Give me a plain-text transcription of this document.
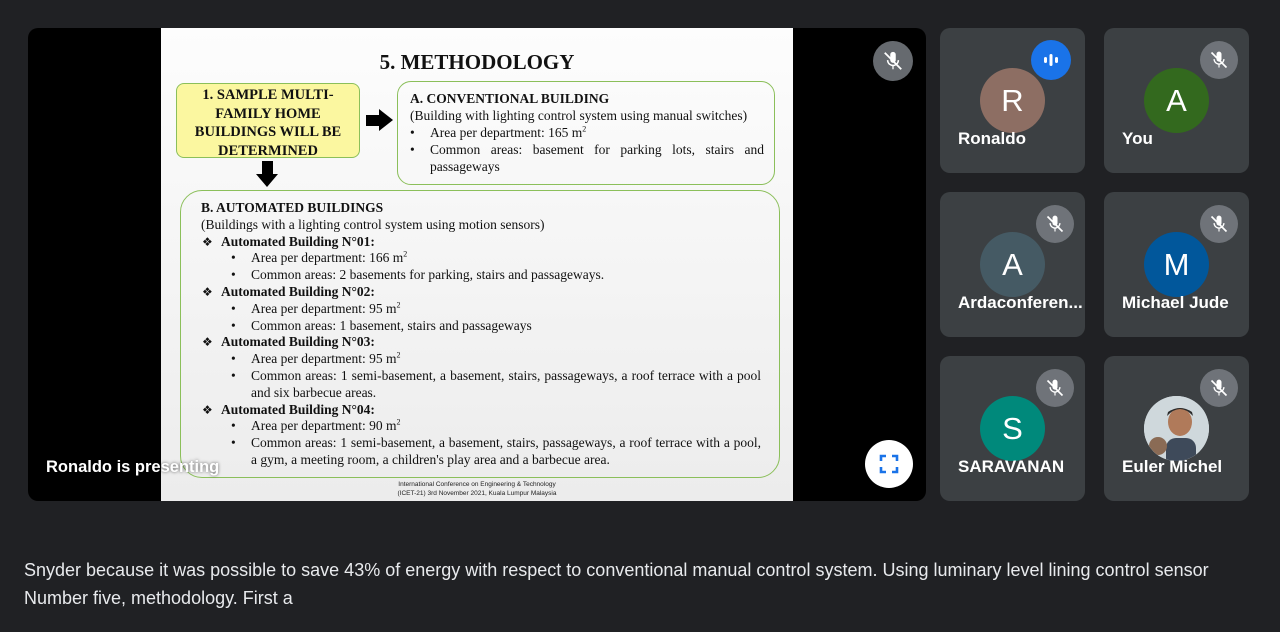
5. METHODOLOGY
1. SAMPLE MULTI-
FAMILY HOME
BUILDINGS WILL BE
DETERMINED
A. CONVENTIONAL BUILDING
(Building with lighting control system using manual switches)
• Area per department: 165 $m^2$
• Common areas: basement for parking lots, stairs and passageways
B. AUTOMATED BUILDINGS
(Buildings with a lighting control system using motion sensors)
❖ Automated Building N°01:
• Area per department: 166 $m^2$
• Common areas: 2 basements for parking, stairs and passageways.
❖ Automated Building N°02:
• Area per department: 95 $m^2$
• Common areas: 1 basement, stairs and passageways
❖ Automated Building N°03:
• Area per department: 95 $m^2$
• Common areas: 1 semi-basement, a basement, stairs, passageways, a roof terrace with a pool and six barbecue areas.
❖ Automated Building N°04:
• Area per department: 90 $m^2$
• Common areas: 1 semi-basement, a basement, stairs, passageways, a roof terrace with a pool, a gym, a meeting room, a children's play area and a barbecue area.
International Conference on Engineering & Technology
(ICET-21) 3rd November 2021, Kuala Lumpur Malaysia
Ronaldo is presenting
R
Ronaldo
A
You
A
Ardaconferen...
M
Michael Jude
S
SARAVANAN	Euler Michel
Snyder because it was possible to save 43% of energy with respect to conventional manual control system. Using luminary level lining control sensor
Number five, methodology. First a
